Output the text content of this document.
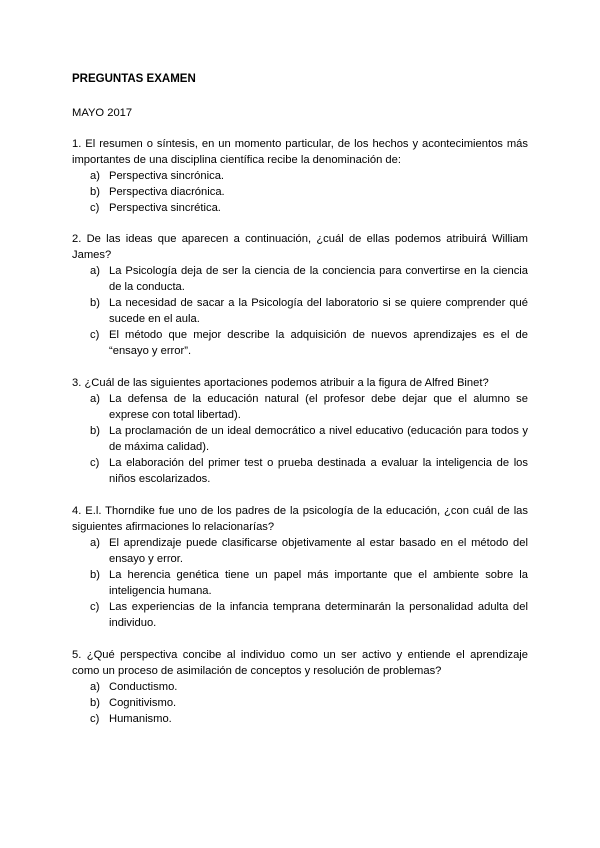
PREGUNTAS EXAMEN
MAYO 2017
1. El resumen o síntesis, en un momento particular, de los hechos y acontecimientos más importantes de una disciplina científica recibe la denominación de:
a) Perspectiva sincrónica.
b) Perspectiva diacrónica.
c) Perspectiva sincrética.
2. De las ideas que aparecen a continuación, ¿cuál de ellas podemos atribuirá William James?
a) La Psicología deja de ser la ciencia de la conciencia para convertirse en la ciencia de la conducta.
b) La necesidad de sacar a la Psicología del laboratorio si se quiere comprender qué sucede en el aula.
c) El método que mejor describe la adquisición de nuevos aprendizajes es el de “ensayo y error”.
3. ¿Cuál de las siguientes aportaciones podemos atribuir a la figura de Alfred Binet?
a) La defensa de la educación natural (el profesor debe dejar que el alumno se exprese con total libertad).
b) La proclamación de un ideal democrático a nivel educativo (educación para todos y de máxima calidad).
c) La elaboración del primer test o prueba destinada a evaluar la inteligencia de los niños escolarizados.
4. E.l. Thorndike fue uno de los padres de la psicología de la educación, ¿con cuál de las siguientes afirmaciones lo relacionarías?
a) El aprendizaje puede clasificarse objetivamente al estar basado en el método del ensayo y error.
b) La herencia genética tiene un papel más importante que el ambiente sobre la inteligencia humana.
c) Las experiencias de la infancia temprana determinarán la personalidad adulta del individuo.
5. ¿Qué perspectiva concibe al individuo como un ser activo y entiende el aprendizaje como un proceso de asimilación de conceptos y resolución de problemas?
a) Conductismo.
b) Cognitivismo.
c) Humanismo.
